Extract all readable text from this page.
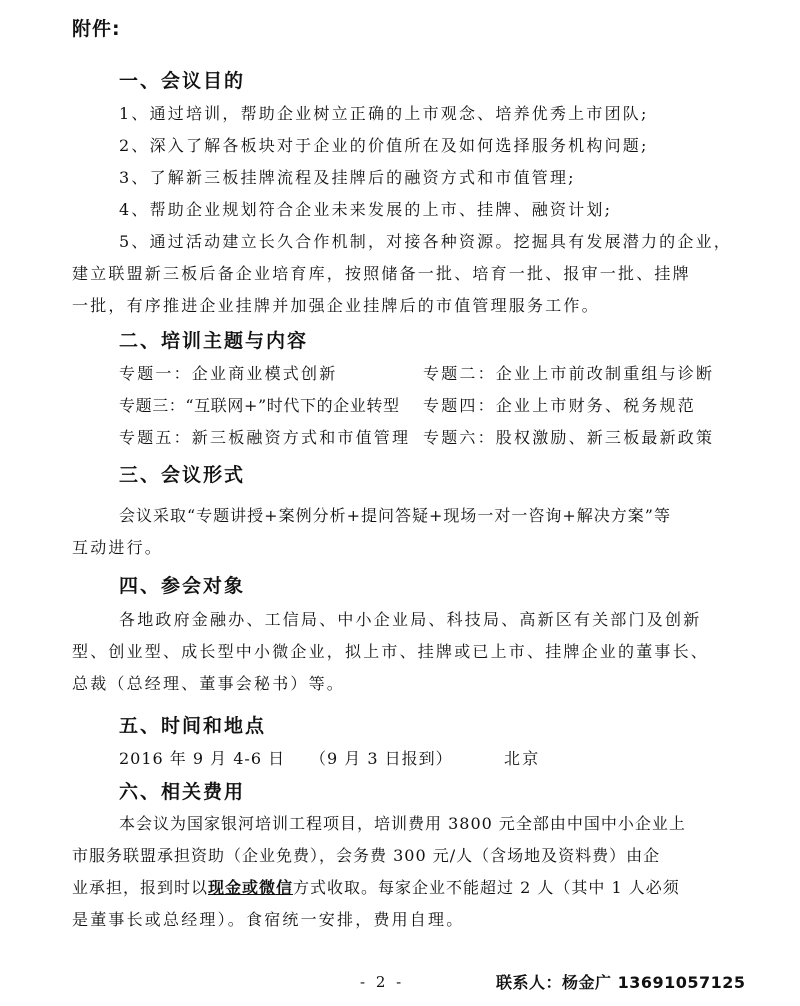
附件:
一、会议目的
1、通过培训，帮助企业树立正确的上市观念、培养优秀上市团队;
2、深入了解各板块对于企业的价值所在及如何选择服务机构问题;
3、了解新三板挂牌流程及挂牌后的融资方式和市值管理;
4、帮助企业规划符合企业未来发展的上市、挂牌、融资计划;
5、通过活动建立长久合作机制，对接各种资源。挖掘具有发展潜力的企业，
建立联盟新三板后备企业培育库，按照储备一批、培育一批、报审一批、挂牌
一批，有序推进企业挂牌并加强企业挂牌后的市值管理服务工作。
二、培训主题与内容
专题一：企业商业模式创新	专题二：企业上市前改制重组与诊断
专题三：“互联网+”时代下的企业转型 专题四：企业上市财务、税务规范
专题五：新三板融资方式和市值管理 专题六：股权激励、新三板最新政策
三、会议形式
会议采取“专题讲授+案例分析+提问答疑+现场一对一咨询+解决方案”等
互动进行。
四、参会对象
各地政府金融办、工信局、中小企业局、科技局、高新区有关部门及创新
型、创业型、成长型中小微企业，拟上市、挂牌或已上市、挂牌企业的董事长、
总裁（总经理、董事会秘书）等。
五、时间和地点
2016 年 9 月 4-6 日 （9 月 3 日报到）	北京
六、相关费用
本会议为国家银河培训工程项目，培训费用 3800 元全部由中国中小企业上
市服务联盟承担资助（企业免费），会务费 300 元/人（含场地及资料费）由企
业承担，报到时以现金或微信方式收取。每家企业不能超过 2 人（其中 1 人必须
是董事长或总经理）。食宿统一安排，费用自理。
- 2 -	联系人：杨金广 13691057125
